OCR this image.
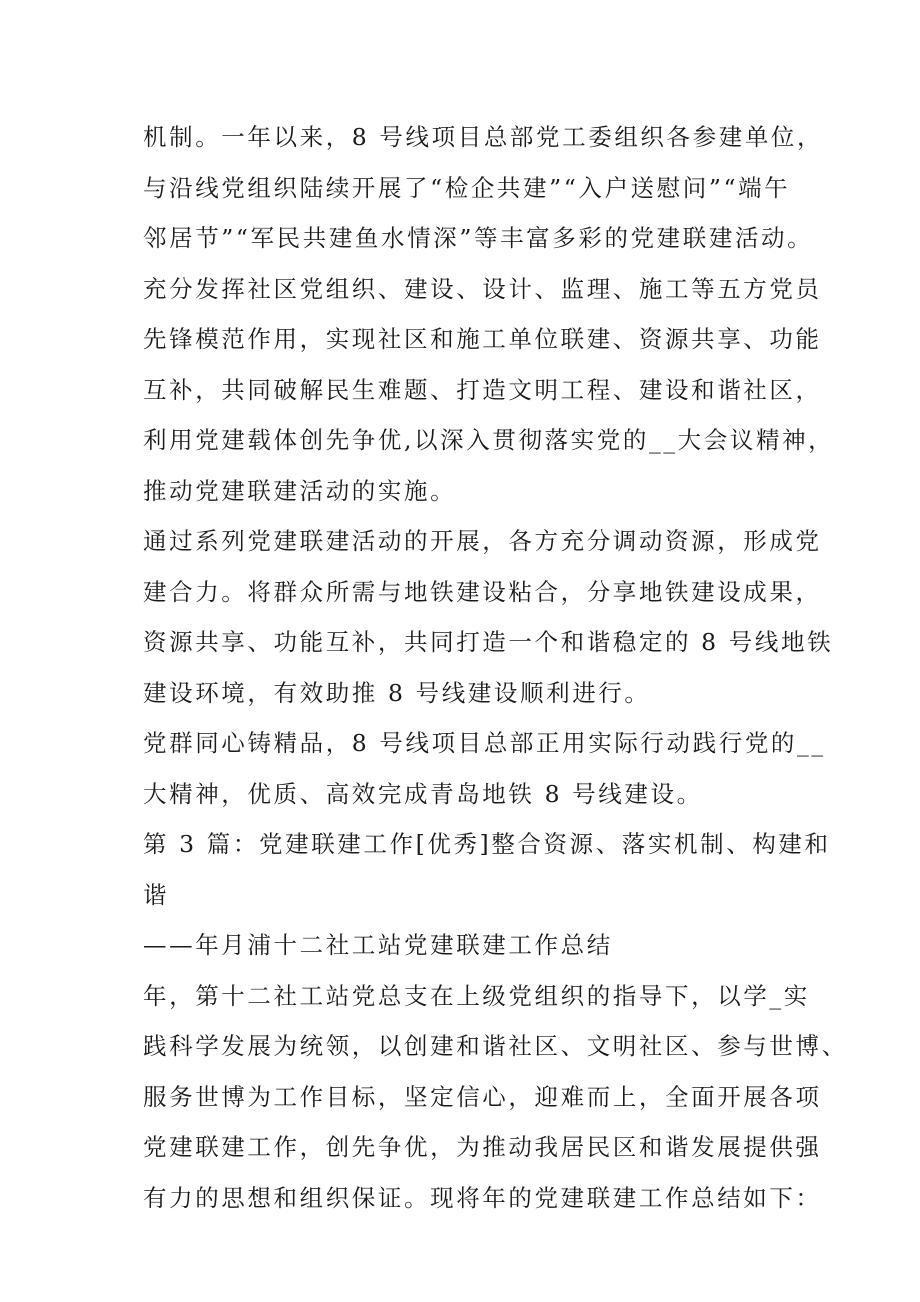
机制。一年以来，8 号线项目总部党工委组织各参建单位，
与沿线党组织陆续开展了“检企共建”“入户送慰问”“端午
邻居节”“军民共建鱼水情深”等丰富多彩的党建联建活动。
充分发挥社区党组织、建设、设计、监理、施工等五方党员
先锋模范作用，实现社区和施工单位联建、资源共享、功能
互补，共同破解民生难题、打造文明工程、建设和谐社区，
利用党建载体创先争优,以深入贯彻落实党的__大会议精神，
推动党建联建活动的实施。
通过系列党建联建活动的开展，各方充分调动资源，形成党
建合力。将群众所需与地铁建设粘合，分享地铁建设成果，
资源共享、功能互补，共同打造一个和谐稳定的 8 号线地铁
建设环境，有效助推 8 号线建设顺利进行。
党群同心铸精品，8 号线项目总部正用实际行动践行党的__
大精神，优质、高效完成青岛地铁 8 号线建设。
第 3 篇：党建联建工作[优秀]整合资源、落实机制、构建和
谐
——年月浦十二社工站党建联建工作总结
年，第十二社工站党总支在上级党组织的指导下，以学_实
践科学发展为统领，以创建和谐社区、文明社区、参与世博、
服务世博为工作目标，坚定信心，迎难而上，全面开展各项
党建联建工作，创先争优，为推动我居民区和谐发展提供强
有力的思想和组织保证。现将年的党建联建工作总结如下：
